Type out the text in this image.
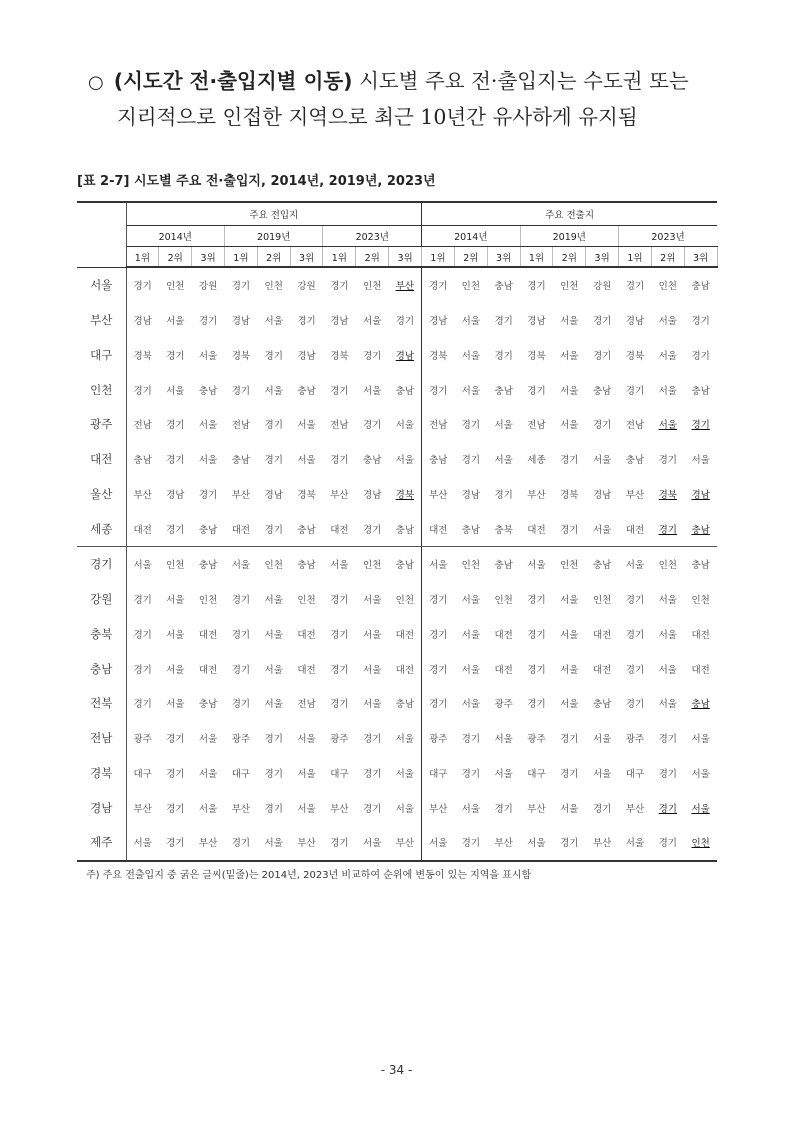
○ (시도간 전·출입지별 이동) 시도별 주요 전·출입지는 수도권 또는
지리적으로 인접한 지역으로 최근 10년간 유사하게 유지됨
[표 2-7] 시도별 주요 전·출입지, 2014년, 2019년, 2023년
	주요 전입지									주요 전출지								
	2014년			2019년			2023년			2014년			2019년			2023년		
	1위	2위	3위	1위	2위	3위	1위	2위	3위	1위	2위	3위	1위	2위	3위	1위	2위	3위
서울	경기	인천	강원	경기	인천	강원	경기	인천	부산	경기	인천	충남	경기	인천	강원	경기	인천	충남
부산	경남	서울	경기	경남	서울	경기	경남	서울	경기	경남	서울	경기	경남	서울	경기	경남	서울	경기
대구	경북	경기	서울	경북	경기	경남	경북	경기	경남	경북	서울	경기	경북	서울	경기	경북	서울	경기
인천	경기	서울	충남	경기	서울	충남	경기	서울	충남	경기	서울	충남	경기	서울	충남	경기	서울	충남
광주	전남	경기	서울	전남	경기	서울	전남	경기	서울	전남	경기	서울	전남	서울	경기	전남	서울	경기
대전	충남	경기	서울	충남	경기	서울	경기	충남	서울	충남	경기	서울	세종	경기	서울	충남	경기	서울
울산	부산	경남	경기	부산	경남	경북	부산	경남	경북	부산	경남	경기	부산	경북	경남	부산	경북	경남
세종	대전	경기	충남	대전	경기	충남	대전	경기	충남	대전	충남	충북	대전	경기	서울	대전	경기	충남
경기	서울	인천	충남	서울	인천	충남	서울	인천	충남	서울	인천	충남	서울	인천	충남	서울	인천	충남
강원	경기	서울	인천	경기	서울	인천	경기	서울	인천	경기	서울	인천	경기	서울	인천	경기	서울	인천
충북	경기	서울	대전	경기	서울	대전	경기	서울	대전	경기	서울	대전	경기	서울	대전	경기	서울	대전
충남	경기	서울	대전	경기	서울	대전	경기	서울	대전	경기	서울	대전	경기	서울	대전	경기	서울	대전
전북	경기	서울	충남	경기	서울	전남	경기	서울	충남	경기	서울	광주	경기	서울	충남	경기	서울	충남
전남	광주	경기	서울	광주	경기	서울	광주	경기	서울	광주	경기	서울	광주	경기	서울	광주	경기	서울
경북	대구	경기	서울	대구	경기	서울	대구	경기	서울	대구	경기	서울	대구	경기	서울	대구	경기	서울
경남	부산	경기	서울	부산	경기	서울	부산	경기	서울	부산	서울	경기	부산	서울	경기	부산	경기	서울
제주	서울	경기	부산	경기	서울	부산	경기	서울	부산	서울	경기	부산	서울	경기	부산	서울	경기	인천
주) 주요 전출입지 중 굵은 글씨(밑줄)는 2014년, 2023년 비교하여 순위에 변동이 있는 지역을 표시함
- 34 -
